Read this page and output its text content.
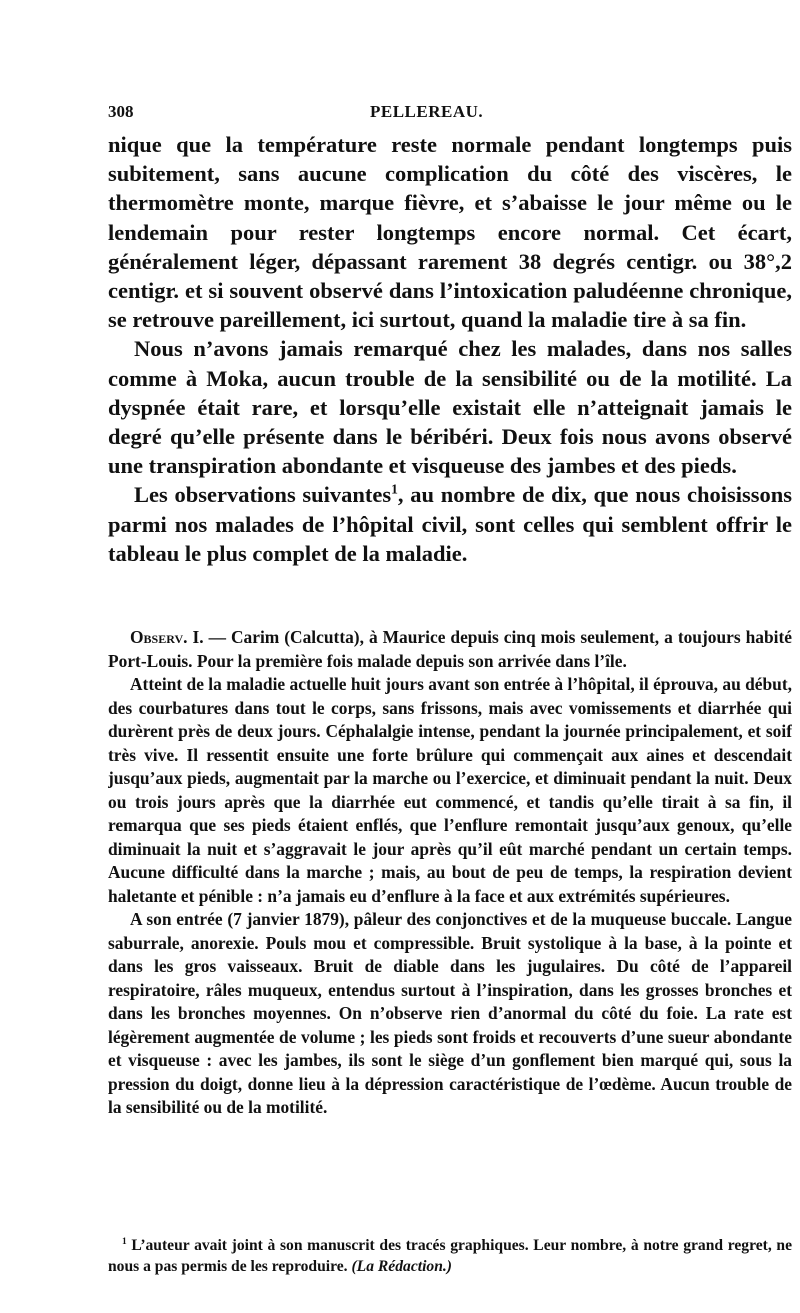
308	PELLEREAU.

nique que la température reste normale pendant longtemps puis subitement, sans aucune complication du côté des viscères, le thermomètre monte, marque fièvre, et s’abaisse le jour même ou le lendemain pour rester longtemps encore normal. Cet écart, généralement léger, dépassant rarement 38 degrés centigr. ou 38°,2 centigr. et si souvent observé dans l’intoxication paludéenne chronique, se retrouve pareillement, ici surtout, quand la maladie tire à sa fin.

Nous n’avons jamais remarqué chez les malades, dans nos salles comme à Moka, aucun trouble de la sensibilité ou de la motilité. La dyspnée était rare, et lorsqu’elle existait elle n’atteignait jamais le degré qu’elle présente dans le béribéri. Deux fois nous avons observé une transpiration abondante et visqueuse des jambes et des pieds.

Les observations suivantes$^1$, au nombre de dix, que nous choisissons parmi nos malades de l’hôpital civil, sont celles qui semblent offrir le tableau le plus complet de la maladie.

Observ. I. — Carim (Calcutta), à Maurice depuis cinq mois seulement, a toujours habité Port-Louis. Pour la première fois malade depuis son arrivée dans l’île.

Atteint de la maladie actuelle huit jours avant son entrée à l’hôpital, il éprouva, au début, des courbatures dans tout le corps, sans frissons, mais avec vomissements et diarrhée qui durèrent près de deux jours. Céphalalgie intense, pendant la journée principalement, et soif très vive. Il ressentit ensuite une forte brûlure qui commençait aux aines et descendait jusqu’aux pieds, augmentait par la marche ou l’exercice, et diminuait pendant la nuit. Deux ou trois jours après que la diarrhée eut commencé, et tandis qu’elle tirait à sa fin, il remarqua que ses pieds étaient enflés, que l’enflure remontait jusqu’aux genoux, qu’elle diminuait la nuit et s’aggravait le jour après qu’il eût marché pendant un certain temps. Aucune difficulté dans la marche ; mais, au bout de peu de temps, la respiration devient haletante et pénible : n’a jamais eu d’enflure à la face et aux extrémités supérieures.

A son entrée (7 janvier 1879), pâleur des conjonctives et de la muqueuse buccale. Langue saburrale, anorexie. Pouls mou et compressible. Bruit systolique à la base, à la pointe et dans les gros vaisseaux. Bruit de diable dans les jugulaires. Du côté de l’appareil respiratoire, râles muqueux, entendus surtout à l’inspiration, dans les grosses bronches et dans les bronches moyennes. On n’observe rien d’anormal du côté du foie. La rate est légèrement augmentée de volume ; les pieds sont froids et recouverts d’une sueur abondante et visqueuse : avec les jambes, ils sont le siège d’un gonflement bien marqué qui, sous la pression du doigt, donne lieu à la dépression caractéristique de l’œdème. Aucun trouble de la sensibilité ou de la motilité.

$^1$ L’auteur avait joint à son manuscrit des tracés graphiques. Leur nombre, à notre grand regret, ne nous a pas permis de les reproduire. (La Rédaction.)
